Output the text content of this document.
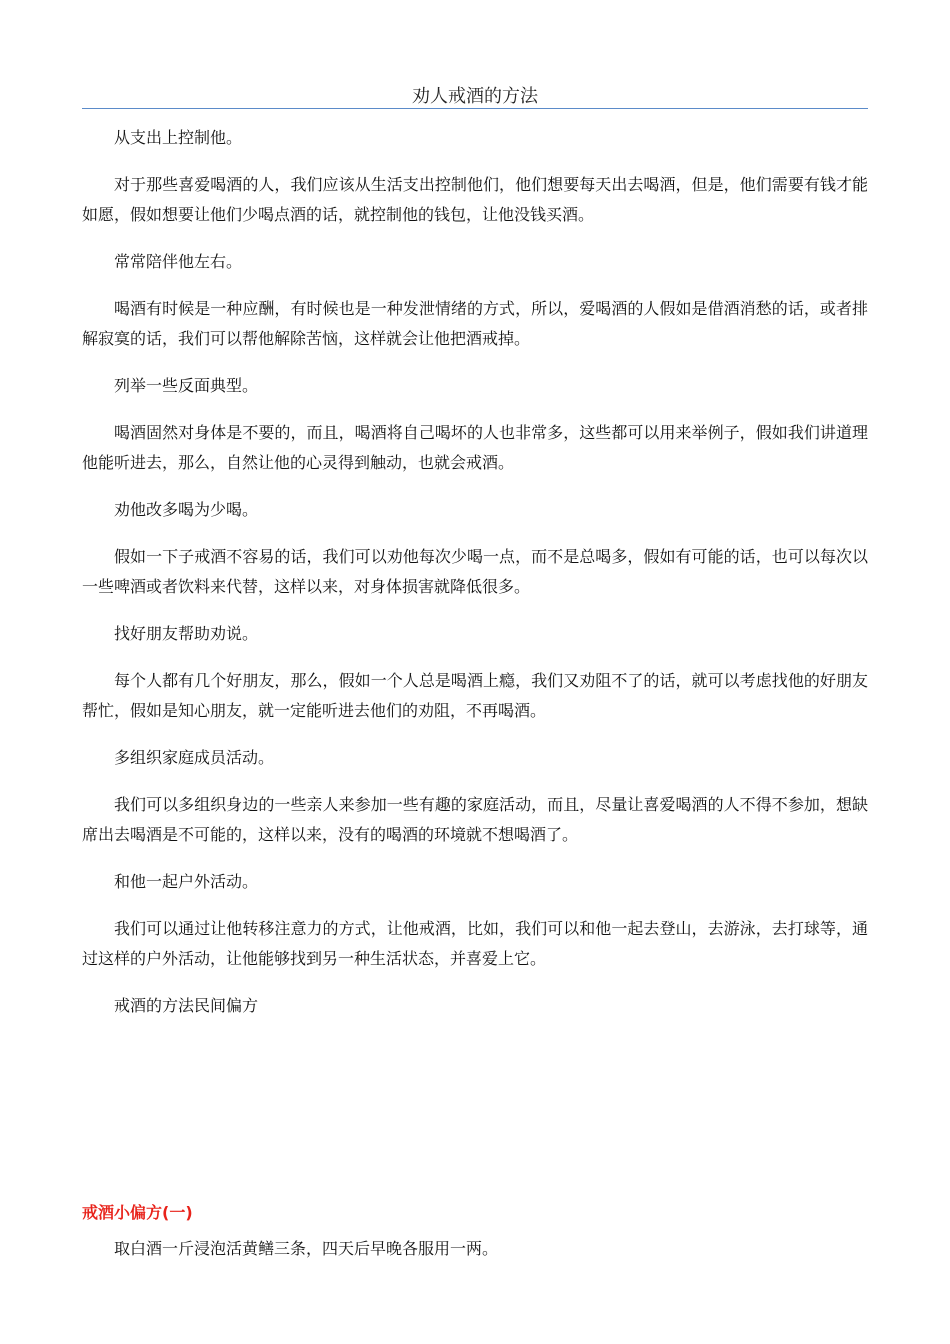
劝人戒酒的方法

从支出上控制他。

对于那些喜爱喝酒的人，我们应该从生活支出控制他们，他们想要每天出去喝酒，但是，他们需要有钱才能如愿，假如想要让他们少喝点酒的话，就控制他的钱包，让他没钱买酒。

常常陪伴他左右。

喝酒有时候是一种应酬，有时候也是一种发泄情绪的方式，所以，爱喝酒的人假如是借酒消愁的话，或者排解寂寞的话，我们可以帮他解除苦恼，这样就会让他把酒戒掉。

列举一些反面典型。

喝酒固然对身体是不要的，而且，喝酒将自己喝坏的人也非常多，这些都可以用来举例子，假如我们讲道理他能听进去，那么，自然让他的心灵得到触动，也就会戒酒。

劝他改多喝为少喝。

假如一下子戒酒不容易的话，我们可以劝他每次少喝一点，而不是总喝多，假如有可能的话，也可以每次以一些啤酒或者饮料来代替，这样以来，对身体损害就降低很多。

找好朋友帮助劝说。

每个人都有几个好朋友，那么，假如一个人总是喝酒上瘾，我们又劝阻不了的话，就可以考虑找他的好朋友帮忙，假如是知心朋友，就一定能听进去他们的劝阻，不再喝酒。

多组织家庭成员活动。

我们可以多组织身边的一些亲人来参加一些有趣的家庭活动，而且，尽量让喜爱喝酒的人不得不参加，想缺席出去喝酒是不可能的，这样以来，没有的喝酒的环境就不想喝酒了。

和他一起户外活动。

我们可以通过让他转移注意力的方式，让他戒酒，比如，我们可以和他一起去登山，去游泳，去打球等，通过这样的户外活动，让他能够找到另一种生活状态，并喜爱上它。

戒酒的方法民间偏方

戒酒小偏方(一)

取白酒一斤浸泡活黄鳝三条，四天后早晚各服用一两。
